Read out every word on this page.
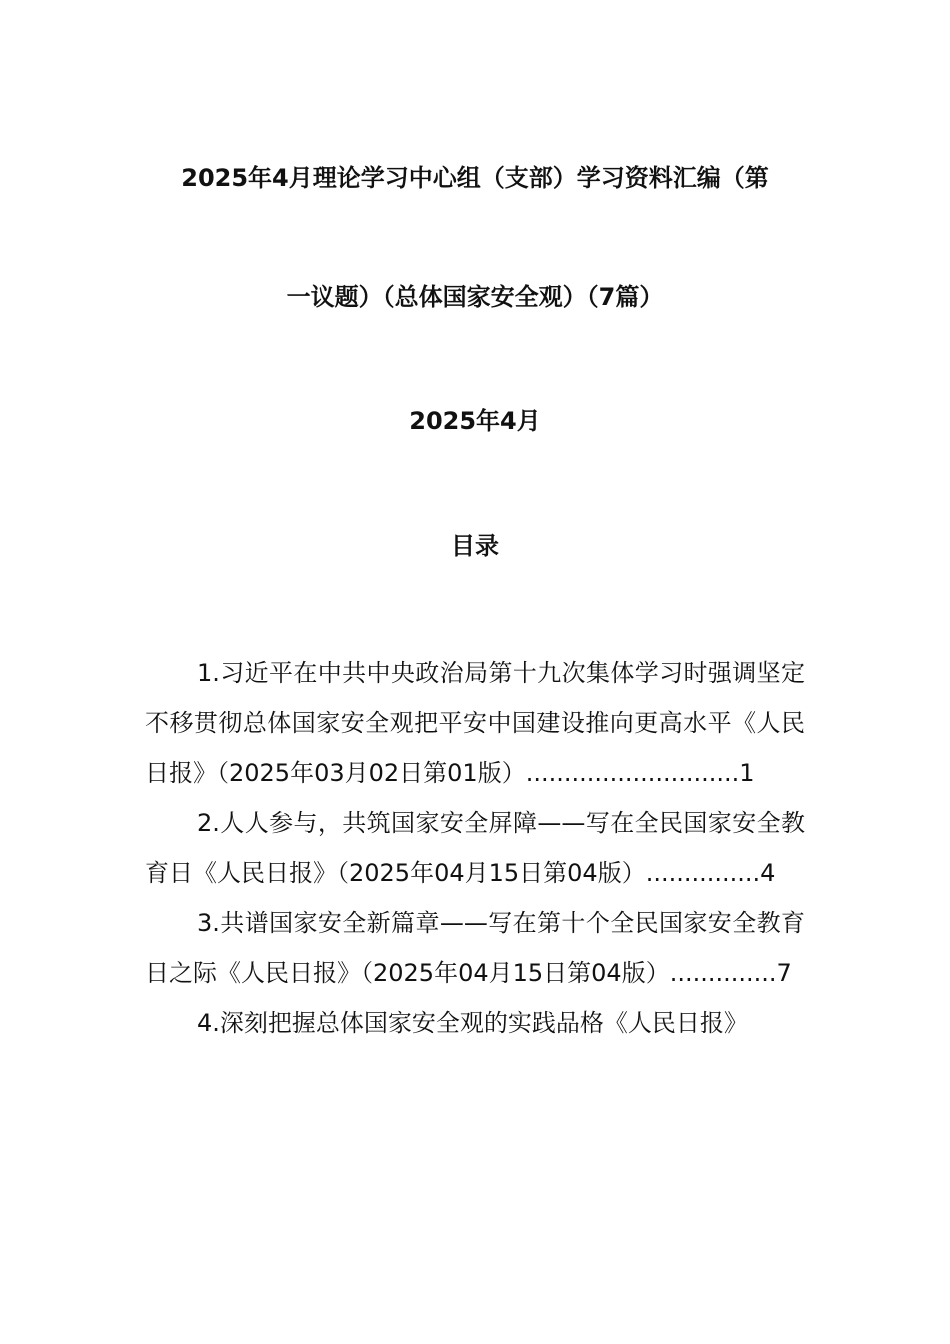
2025年4月理论学习中心组（支部）学习资料汇编（第
一议题）（总体国家安全观）（7篇）
2025年4月
目录

1.习近平在中共中央政治局第十九次集体学习时强调坚定不移贯彻总体国家安全观把平安中国建设推向更高水平《人民日报》（2025年03月02日第01版）............................1

2.人人参与，共筑国家安全屏障——写在全民国家安全教育日《人民日报》（2025年04月15日第04版）...............4

3.共谱国家安全新篇章——写在第十个全民国家安全教育日之际《人民日报》（2025年04月15日第04版）..............7

4.深刻把握总体国家安全观的实践品格《人民日报》
